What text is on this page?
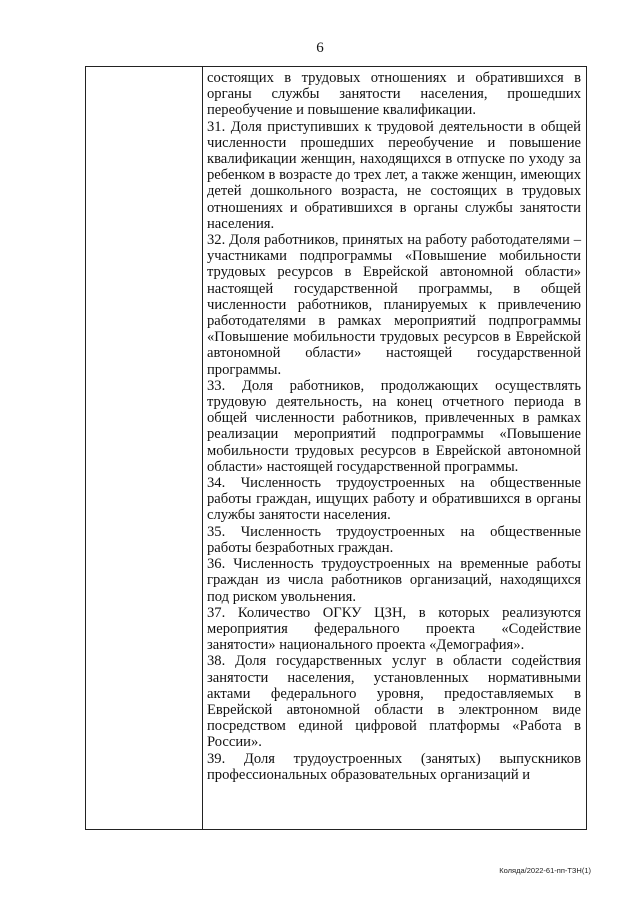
6

состоящих в трудовых отношениях и обратившихся в органы службы занятости населения, прошедших переобучение и повышение квалификации.

31. Доля приступивших к трудовой деятельности в общей численности прошедших переобучение и повышение квалификации женщин, находящихся в отпуске по уходу за ребенком в возрасте до трех лет, а также женщин, имеющих детей дошкольного возраста, не состоящих в трудовых отношениях и обратившихся в органы службы занятости населения.

32. Доля работников, принятых на работу работодателями – участниками подпрограммы «Повышение мобильности трудовых ресурсов в Еврейской автономной области» настоящей государственной программы, в общей численности работников, планируемых к привлечению работодателями в рамках мероприятий подпрограммы «Повышение мобильности трудовых ресурсов в Еврейской автономной области» настоящей государственной программы.

33. Доля работников, продолжающих осуществлять трудовую деятельность, на конец отчетного периода в общей численности работников, привлеченных в рамках реализации мероприятий подпрограммы «Повышение мобильности трудовых ресурсов в Еврейской автономной области» настоящей государственной программы.

34. Численность трудоустроенных на общественные работы граждан, ищущих работу и обратившихся в органы службы занятости населения.

35. Численность трудоустроенных на общественные работы безработных граждан.

36. Численность трудоустроенных на временные работы граждан из числа работников организаций, находящихся под риском увольнения.

37. Количество ОГКУ ЦЗН, в которых реализуются мероприятия федерального проекта «Содействие занятости» национального проекта «Демография».

38. Доля государственных услуг в области содействия занятости населения, установленных нормативными актами федерального уровня, предоставляемых в Еврейской автономной области в электронном виде посредством единой цифровой платформы «Работа в России».

39. Доля трудоустроенных (занятых) выпускников профессиональных образовательных организаций и

Коляда/2022-61-пп-ТЗН(1)
